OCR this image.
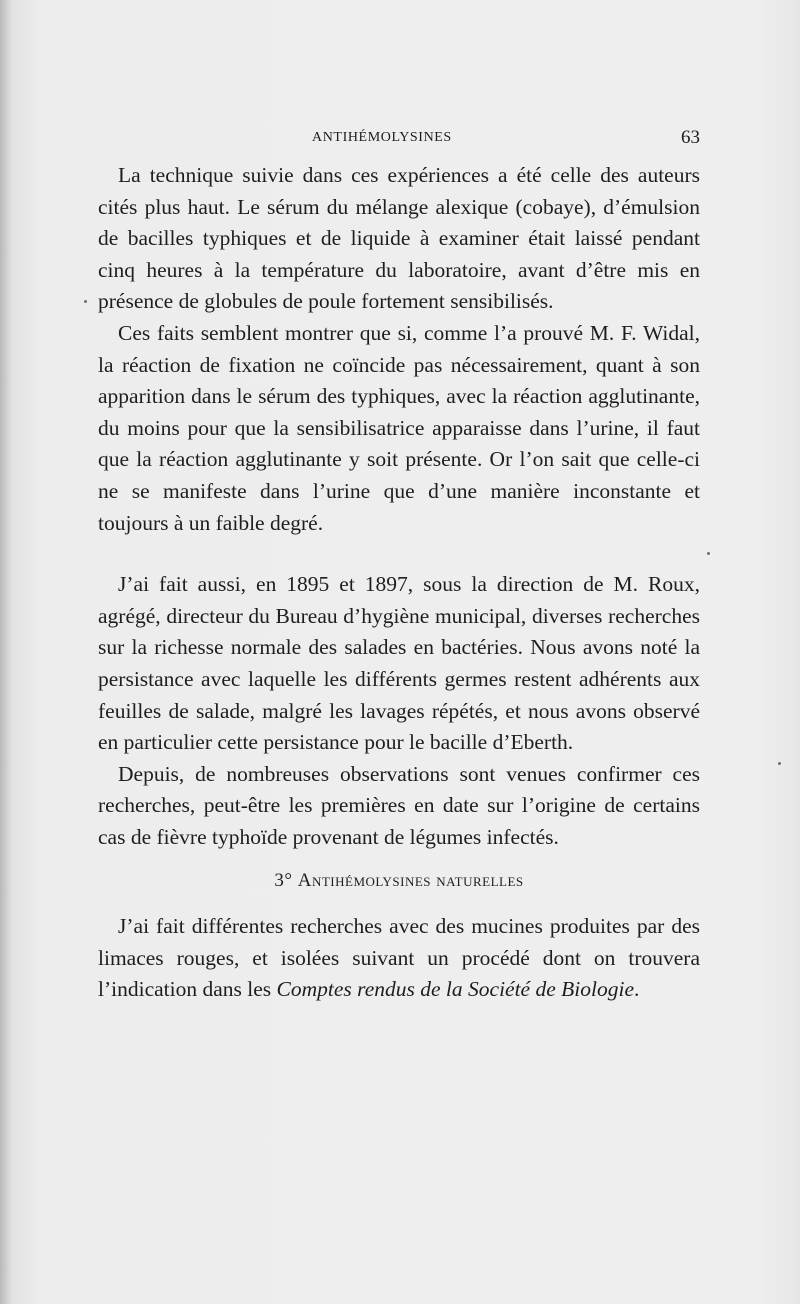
ANTIHÉMOLYSINES	63

La technique suivie dans ces expériences a été celle des auteurs cités plus haut. Le sérum du mélange alexique (cobaye), d’émulsion de bacilles typhiques et de liquide à examiner était laissé pendant cinq heures à la température du laboratoire, avant d’être mis en présence de globules de poule fortement sensibilisés.

Ces faits semblent montrer que si, comme l’a prouvé M. F. Widal, la réaction de fixation ne coïncide pas nécessairement, quant à son apparition dans le sérum des typhiques, avec la réaction agglutinante, du moins pour que la sensibilisatrice apparaisse dans l’urine, il faut que la réaction agglutinante y soit présente. Or l’on sait que celle-ci ne se manifeste dans l’urine que d’une manière inconstante et toujours à un faible degré.

J’ai fait aussi, en 1895 et 1897, sous la direction de M. Roux, agrégé, directeur du Bureau d’hygiène municipal, diverses recherches sur la richesse normale des salades en bactéries. Nous avons noté la persistance avec laquelle les différents germes restent adhérents aux feuilles de salade, malgré les lavages répétés, et nous avons observé en particulier cette persistance pour le bacille d’Eberth.

Depuis, de nombreuses observations sont venues confirmer ces recherches, peut-être les premières en date sur l’origine de certains cas de fièvre typhoïde provenant de légumes infectés.

3° Antihémolysines naturelles

J’ai fait différentes recherches avec des mucines produites par des limaces rouges, et isolées suivant un procédé dont on trouvera l’indication dans les Comptes rendus de la Société de Biologie.
